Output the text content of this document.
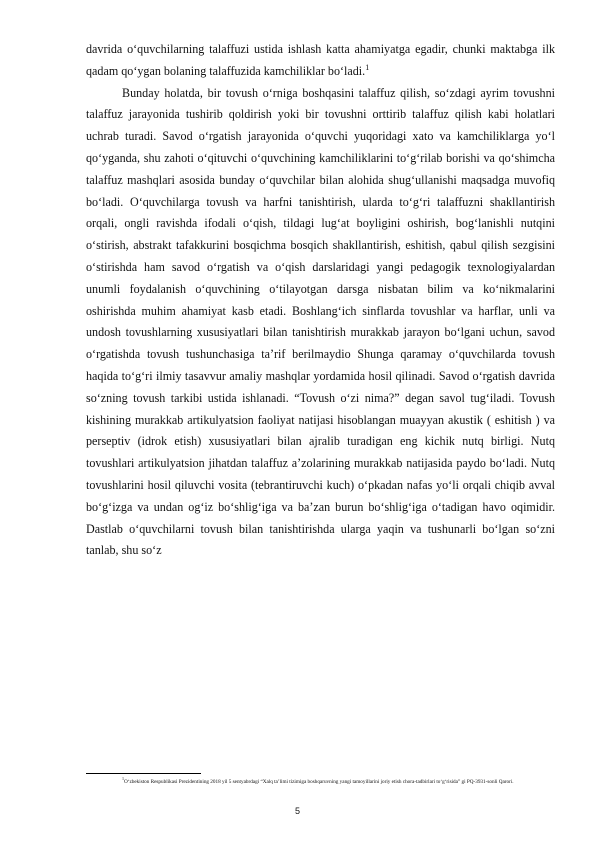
davrida o‘quvchilarning talaffuzi ustida ishlash katta ahamiyatga egadir, chunki maktabga ilk qadam qo‘ygan bolaning talaffuzida kamchiliklar bo‘ladi.$^1$

Bunday holatda, bir tovush o‘rniga boshqasini talaffuz qilish, so‘zdagi ayrim tovushni talaffuz jarayonida tushirib qoldirish yoki bir tovushni orttirib talaffuz qilish kabi holatlari uchrab turadi. Savod o‘rgatish jarayonida o‘quvchi yuqoridagi xato va kamchiliklarga yo‘l qo‘yganda, shu zahoti o‘qituvchi o‘quvchining kamchiliklarini to‘g‘rilab borishi va qo‘shimcha talaffuz mashqlari asosida bunday o‘quvchilar bilan alohida shug‘ullanishi maqsadga muvofiq bo‘ladi. O‘quvchilarga tovush va harfni tanishtirish, ularda to‘g‘ri talaffuzni shakllantirish orqali, ongli ravishda ifodali o‘qish, tildagi lug‘at boyligini oshirish, bog‘lanishli nutqini o‘stirish, abstrakt tafakkurini bosqichma bosqich shakllantirish, eshitish, qabul qilish sezgisini o‘stirishda ham savod o‘rgatish va o‘qish darslaridagi yangi pedagogik texnologiyalardan unumli foydalanish o‘quvchining o‘tilayotgan darsga nisbatan bilim va ko‘nikmalarini oshirishda muhim ahamiyat kasb etadi. Boshlang‘ich sinflarda tovushlar va harflar, unli va undosh tovushlarning xususiyatlari bilan tanishtirish murakkab jarayon bo‘lgani uchun, savod o‘rgatishda tovush tushunchasiga ta’rif berilmaydiо Shunga qaramay o‘quvchilarda tovush haqida to‘g‘ri ilmiy tasavvur amaliy mashqlar yordamida hosil qilinadi. Savod o‘rgatish davrida so‘zning tovush tarkibi ustida ishlanadi. “Tovush o‘zi nima?” degan savol tug‘iladi. Tovush kishining murakkab artikulyatsion faoliyat natijasi hisoblangan muayyan akustik ( eshitish ) va perseptiv (idrok etish) xususiyatlari bilan ajralib turadigan eng kichik nutq birligi. Nutq tovushlari artikulyatsion jihatdan talaffuz a’zolarining murakkab natijasida paydo bo‘ladi. Nutq tovushlarini hosil qiluvchi vosita (tebrantiruvchi kuch) o‘pkadan nafas yo‘li orqali chiqib avval bo‘g‘izga va undan og‘iz bo‘shlig‘iga va ba’zan burun bo‘shlig‘iga o‘tadigan havo oqimidir. Dastlab o‘quvchilarni tovush bilan tanishtirishda ularga yaqin va tushunarli bo‘lgan so‘zni tanlab, shu so‘z

1O‘zbekiston Respublikasi Prezidentining 2018 yil 5 sentyabrdagi “Xalq ta’limi tizimiga boshqaruvning yangi tamoyillarini joriy etish chora-tadbirlari to‘g‘risida” gi PQ-3931-sonli Qarori.

5
